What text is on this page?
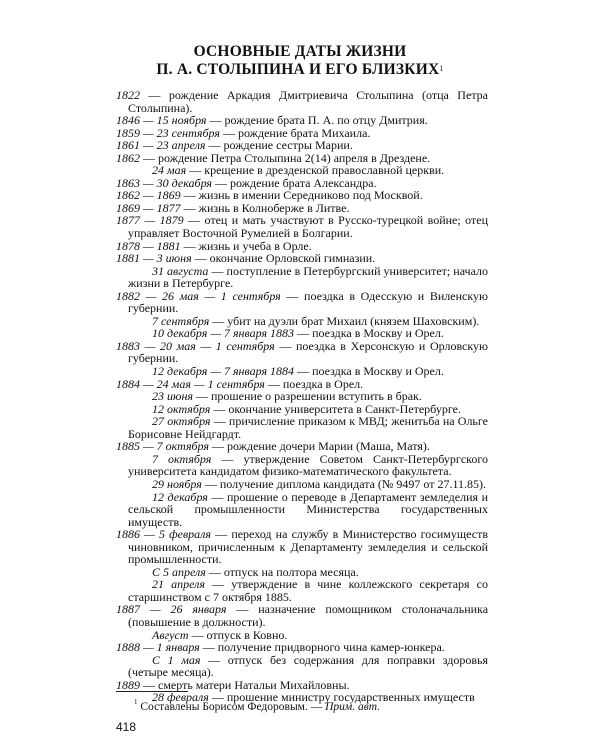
ОСНОВНЫЕ ДАТЫ ЖИЗНИ
П. А. СТОЛЫПИНА И ЕГО БЛИЗКИХ$^1$

1822 — рождение Аркадия Дмитриевича Столыпина (отца Петра Столыпина).

1846 — 15 ноября — рождение брата П. А. по отцу Дмитрия.

1859 — 23 сентября — рождение брата Михаила.

1861 — 23 апреля — рождение сестры Марии.

1862 — рождение Петра Столыпина 2(14) апреля в Дрездене.

24 мая — крещение в дрезденской православной церкви.

1863 — 30 декабря — рождение брата Александра.

1862 — 1869 — жизнь в имении Середниково под Москвой.

1869 — 1877 — жизнь в Колноберже в Литве.

1877 — 1879 — отец и мать участвуют в Русско-турецкой войне; отец управляет Восточной Румелией в Болгарии.

1878 — 1881 — жизнь и учеба в Орле.

1881 — 3 июня — окончание Орловской гимназии.

31 августа — поступление в Петербургский университет; начало жизни в Петербурге.

1882 — 26 мая — 1 сентября — поездка в Одесскую и Виленскую губернии.

7 сентября — убит на дуэли брат Михаил (князем Шаховским).

10 декабря — 7 января 1883 — поездка в Москву и Орел.

1883 — 20 мая — 1 сентября — поездка в Херсонскую и Орловскую губернии.

12 декабря — 7 января 1884 — поездка в Москву и Орел.

1884 — 24 мая — 1 сентября — поездка в Орел.

23 июня — прошение о разрешении вступить в брак.

12 октября — окончание университета в Санкт-Петербурге.

27 октября — причисление приказом к МВД; женитьба на Ольге Борисовне Нейдгардт.

1885 — 7 октября — рождение дочери Марии (Маша, Матя).

7 октября — утверждение Советом Санкт-Петербургского университета кандидатом физико-математического факультета.

29 ноября — получение диплома кандидата (№ 9497 от 27.11.85).

12 декабря — прошение о переводе в Департамент земледелия и сельской промышленности Министерства государственных имуществ.

1886 — 5 февраля — переход на службу в Министерство госимуществ чиновником, причисленным к Департаменту земледелия и сельской промышленности.

С 5 апреля — отпуск на полтора месяца.

21 апреля — утверждение в чине коллежского секретаря со старшинством с 7 октября 1885.

1887 — 26 января — назначение помощником столоначальника (повышение в должности).

Август — отпуск в Ковно.

1888 — 1 января — получение придворного чина камер-юнкера.

С 1 мая — отпуск без содержания для поправки здоровья (четыре месяца).

1889 — смерть матери Натальи Михайловны.

28 февраля — прошение министру государственных имуществ

$^1$ Составлены Борисом Федоровым. — Прим. авт.
418
